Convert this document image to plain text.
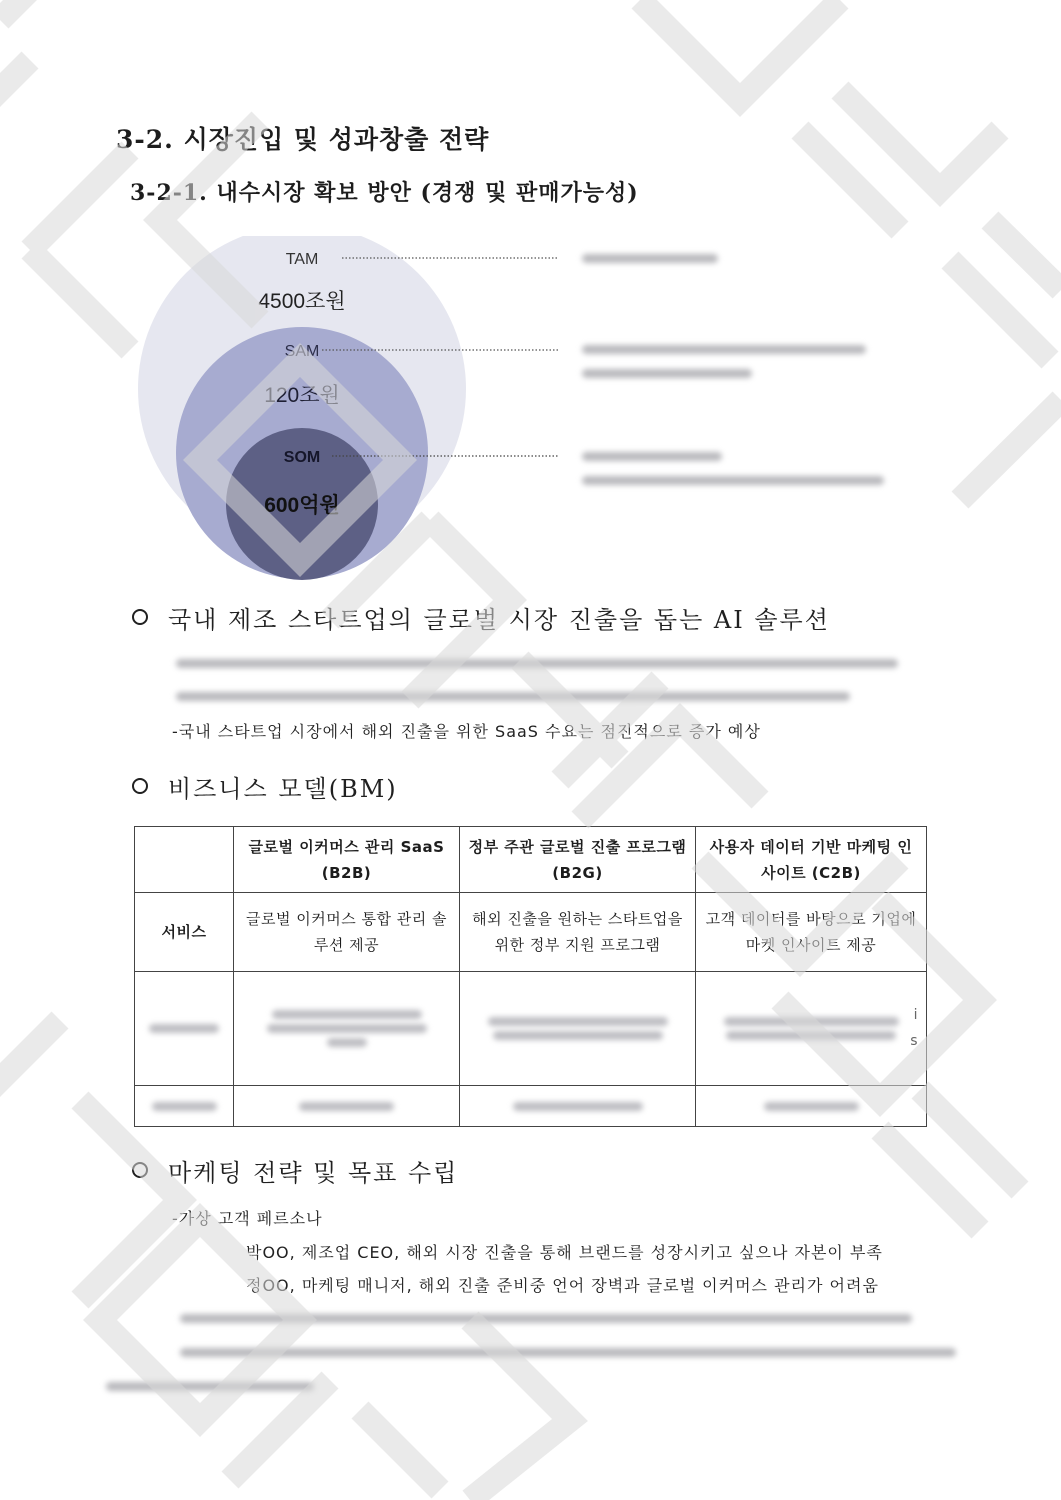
3-2. 시장진입 및 성과창출 전략
3-2-1. 내수시장 확보 방안 (경쟁 및 판매가능성)
TAM
4500조원
SAM
120조원
SOM
600억원
국내 제조 스타트업의 글로벌 시장 진출을 돕는 AI 솔루션
-국내 스타트업 시장에서 해외 진출을 위한 SaaS 수요는 점진적으로 증가 예상
비즈니스 모델(BM)
	글로벌 이커머스 관리 SaaS (B2B)	정부 주관 글로벌 진출 프로그램 (B2G)	사용자 데이터 기반 마케팅 인사이트 (C2B)
서비스	글로벌 이커머스 통합 관리 솔루션 제공	해외 진출을 원하는 스타트업을 위한 정부 지원 프로그램	고객 데이터를 바탕으로 기업에 마켓 인사이트 제공

			i
s

마케팅 전략 및 목표 수립
-가상 고객 페르소나
박OO, 제조업 CEO, 해외 시장 진출을 통해 브랜드를 성장시키고 싶으나 자본이 부족
정OO, 마케팅 매니저, 해외 진출 준비중 언어 장벽과 글로벌 이커머스 관리가 어려움
